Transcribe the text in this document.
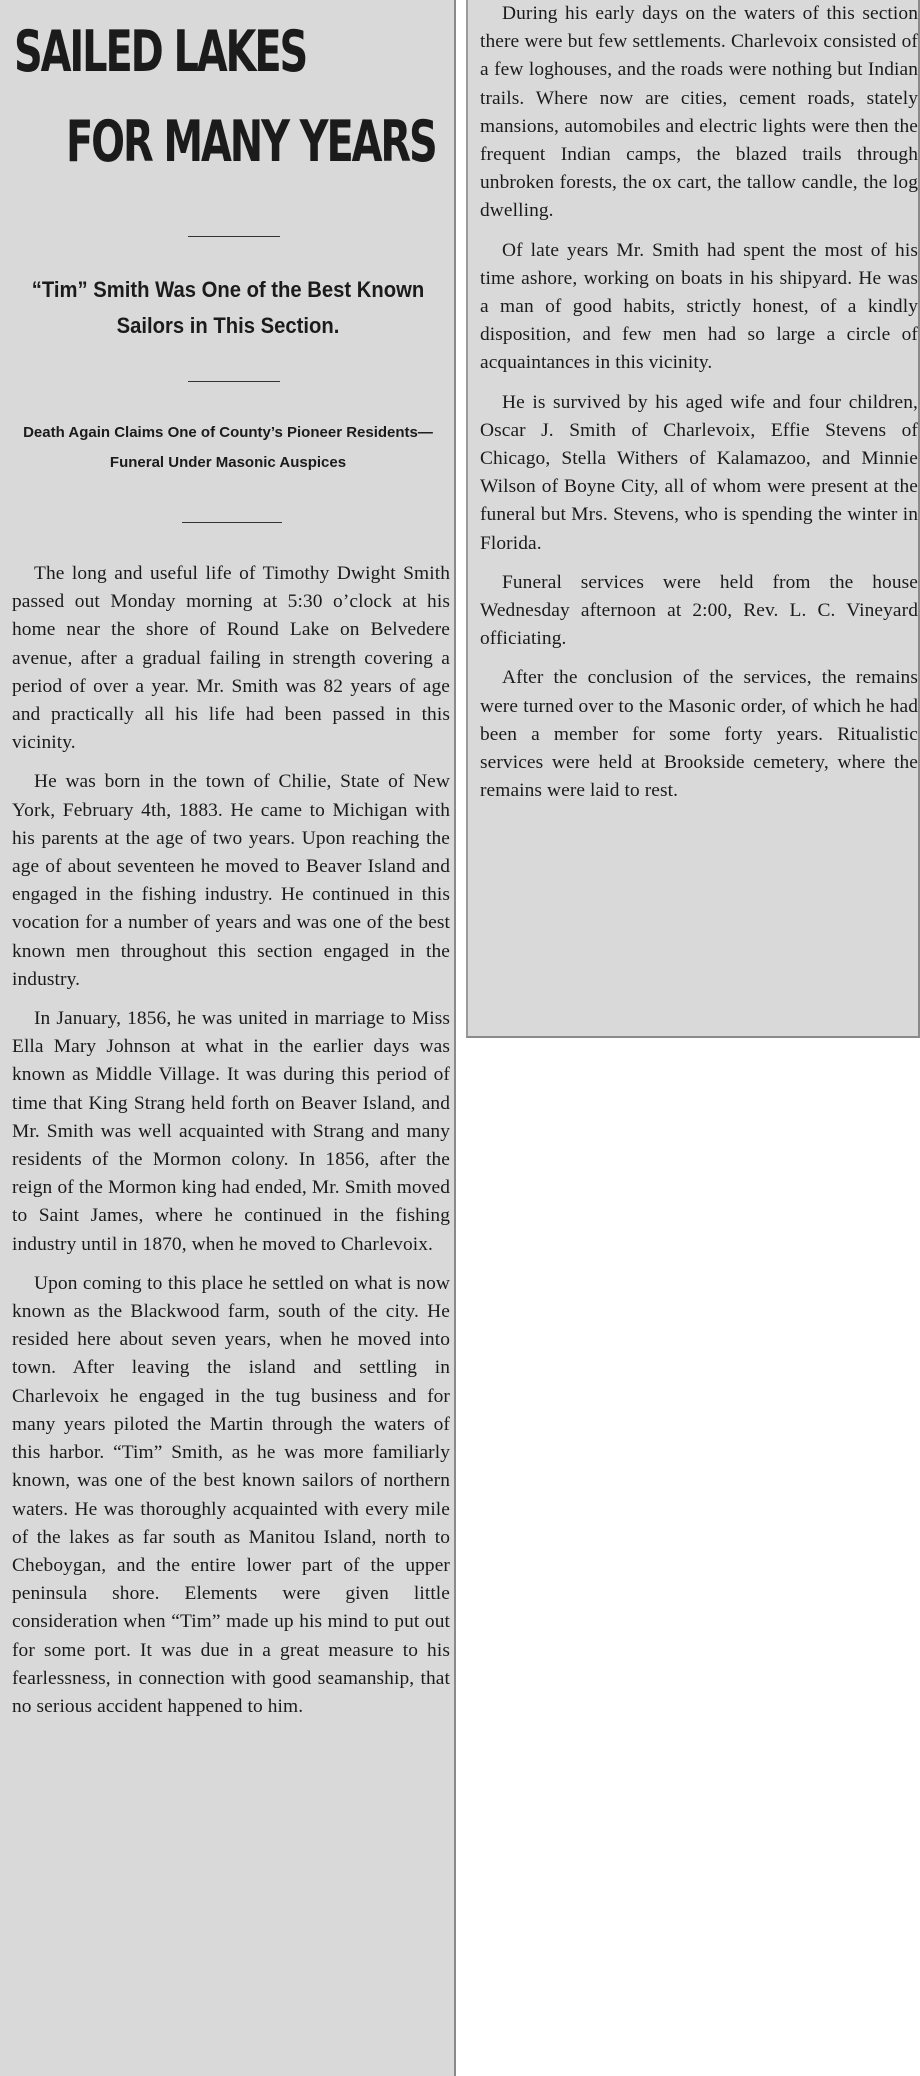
SAILED LAKES
FOR MANY YEARS
“Tim” Smith Was One of the Best Known Sailors in This Section.
Death Again Claims One of County’s Pioneer Residents—Funeral Under Masonic Auspices

The long and useful life of Timothy Dwight Smith passed out Monday morning at 5:30 o’clock at his home near the shore of Round Lake on Belvedere avenue, after a gradual failing in strength covering a period of over a year. Mr. Smith was 82 years of age and practically all his life had been passed in this vicinity.

He was born in the town of Chilie, State of New York, February 4th, 1883. He came to Michigan with his parents at the age of two years. Upon reaching the age of about seventeen he moved to Beaver Island and engaged in the fishing industry. He continued in this vocation for a number of years and was one of the best known men throughout this section engaged in the industry.

In January, 1856, he was united in marriage to Miss Ella Mary Johnson at what in the earlier days was known as Middle Village. It was during this period of time that King Strang held forth on Beaver Island, and Mr. Smith was well acquainted with Strang and many residents of the Mormon colony. In 1856, after the reign of the Mormon king had ended, Mr. Smith moved to Saint James, where he continued in the fishing industry until in 1870, when he moved to Charlevoix.

Upon coming to this place he settled on what is now known as the Blackwood farm, south of the city. He resided here about seven years, when he moved into town. After leaving the island and settling in Charlevoix he engaged in the tug business and for many years piloted the Martin through the waters of this harbor. “Tim” Smith, as he was more familiarly known, was one of the best known sailors of northern waters. He was thoroughly acquainted with every mile of the lakes as far south as Manitou Island, north to Cheboygan, and the entire lower part of the upper peninsula shore. Elements were given little consideration when “Tim” made up his mind to put out for some port. It was due in a great measure to his fearlessness, in connection with good seamanship, that no serious accident happened to him.

During his early days on the waters of this section there were but few settlements. Charlevoix consisted of a few loghouses, and the roads were nothing but Indian trails. Where now are cities, cement roads, stately mansions, automobiles and electric lights were then the frequent Indian camps, the blazed trails through unbroken forests, the ox cart, the tallow candle, the log dwelling.

Of late years Mr. Smith had spent the most of his time ashore, working on boats in his shipyard. He was a man of good habits, strictly honest, of a kindly disposition, and few men had so large a circle of acquaintances in this vicinity.

He is survived by his aged wife and four children, Oscar J. Smith of Charlevoix, Effie Stevens of Chicago, Stella Withers of Kalamazoo, and Minnie Wilson of Boyne City, all of whom were present at the funeral but Mrs. Stevens, who is spending the winter in Florida.

Funeral services were held from the house Wednesday afternoon at 2:00, Rev. L. C. Vineyard officiating.

After the conclusion of the services, the remains were turned over to the Masonic order, of which he had been a member for some forty years. Ritualistic services were held at Brookside cemetery, where the remains were laid to rest.
